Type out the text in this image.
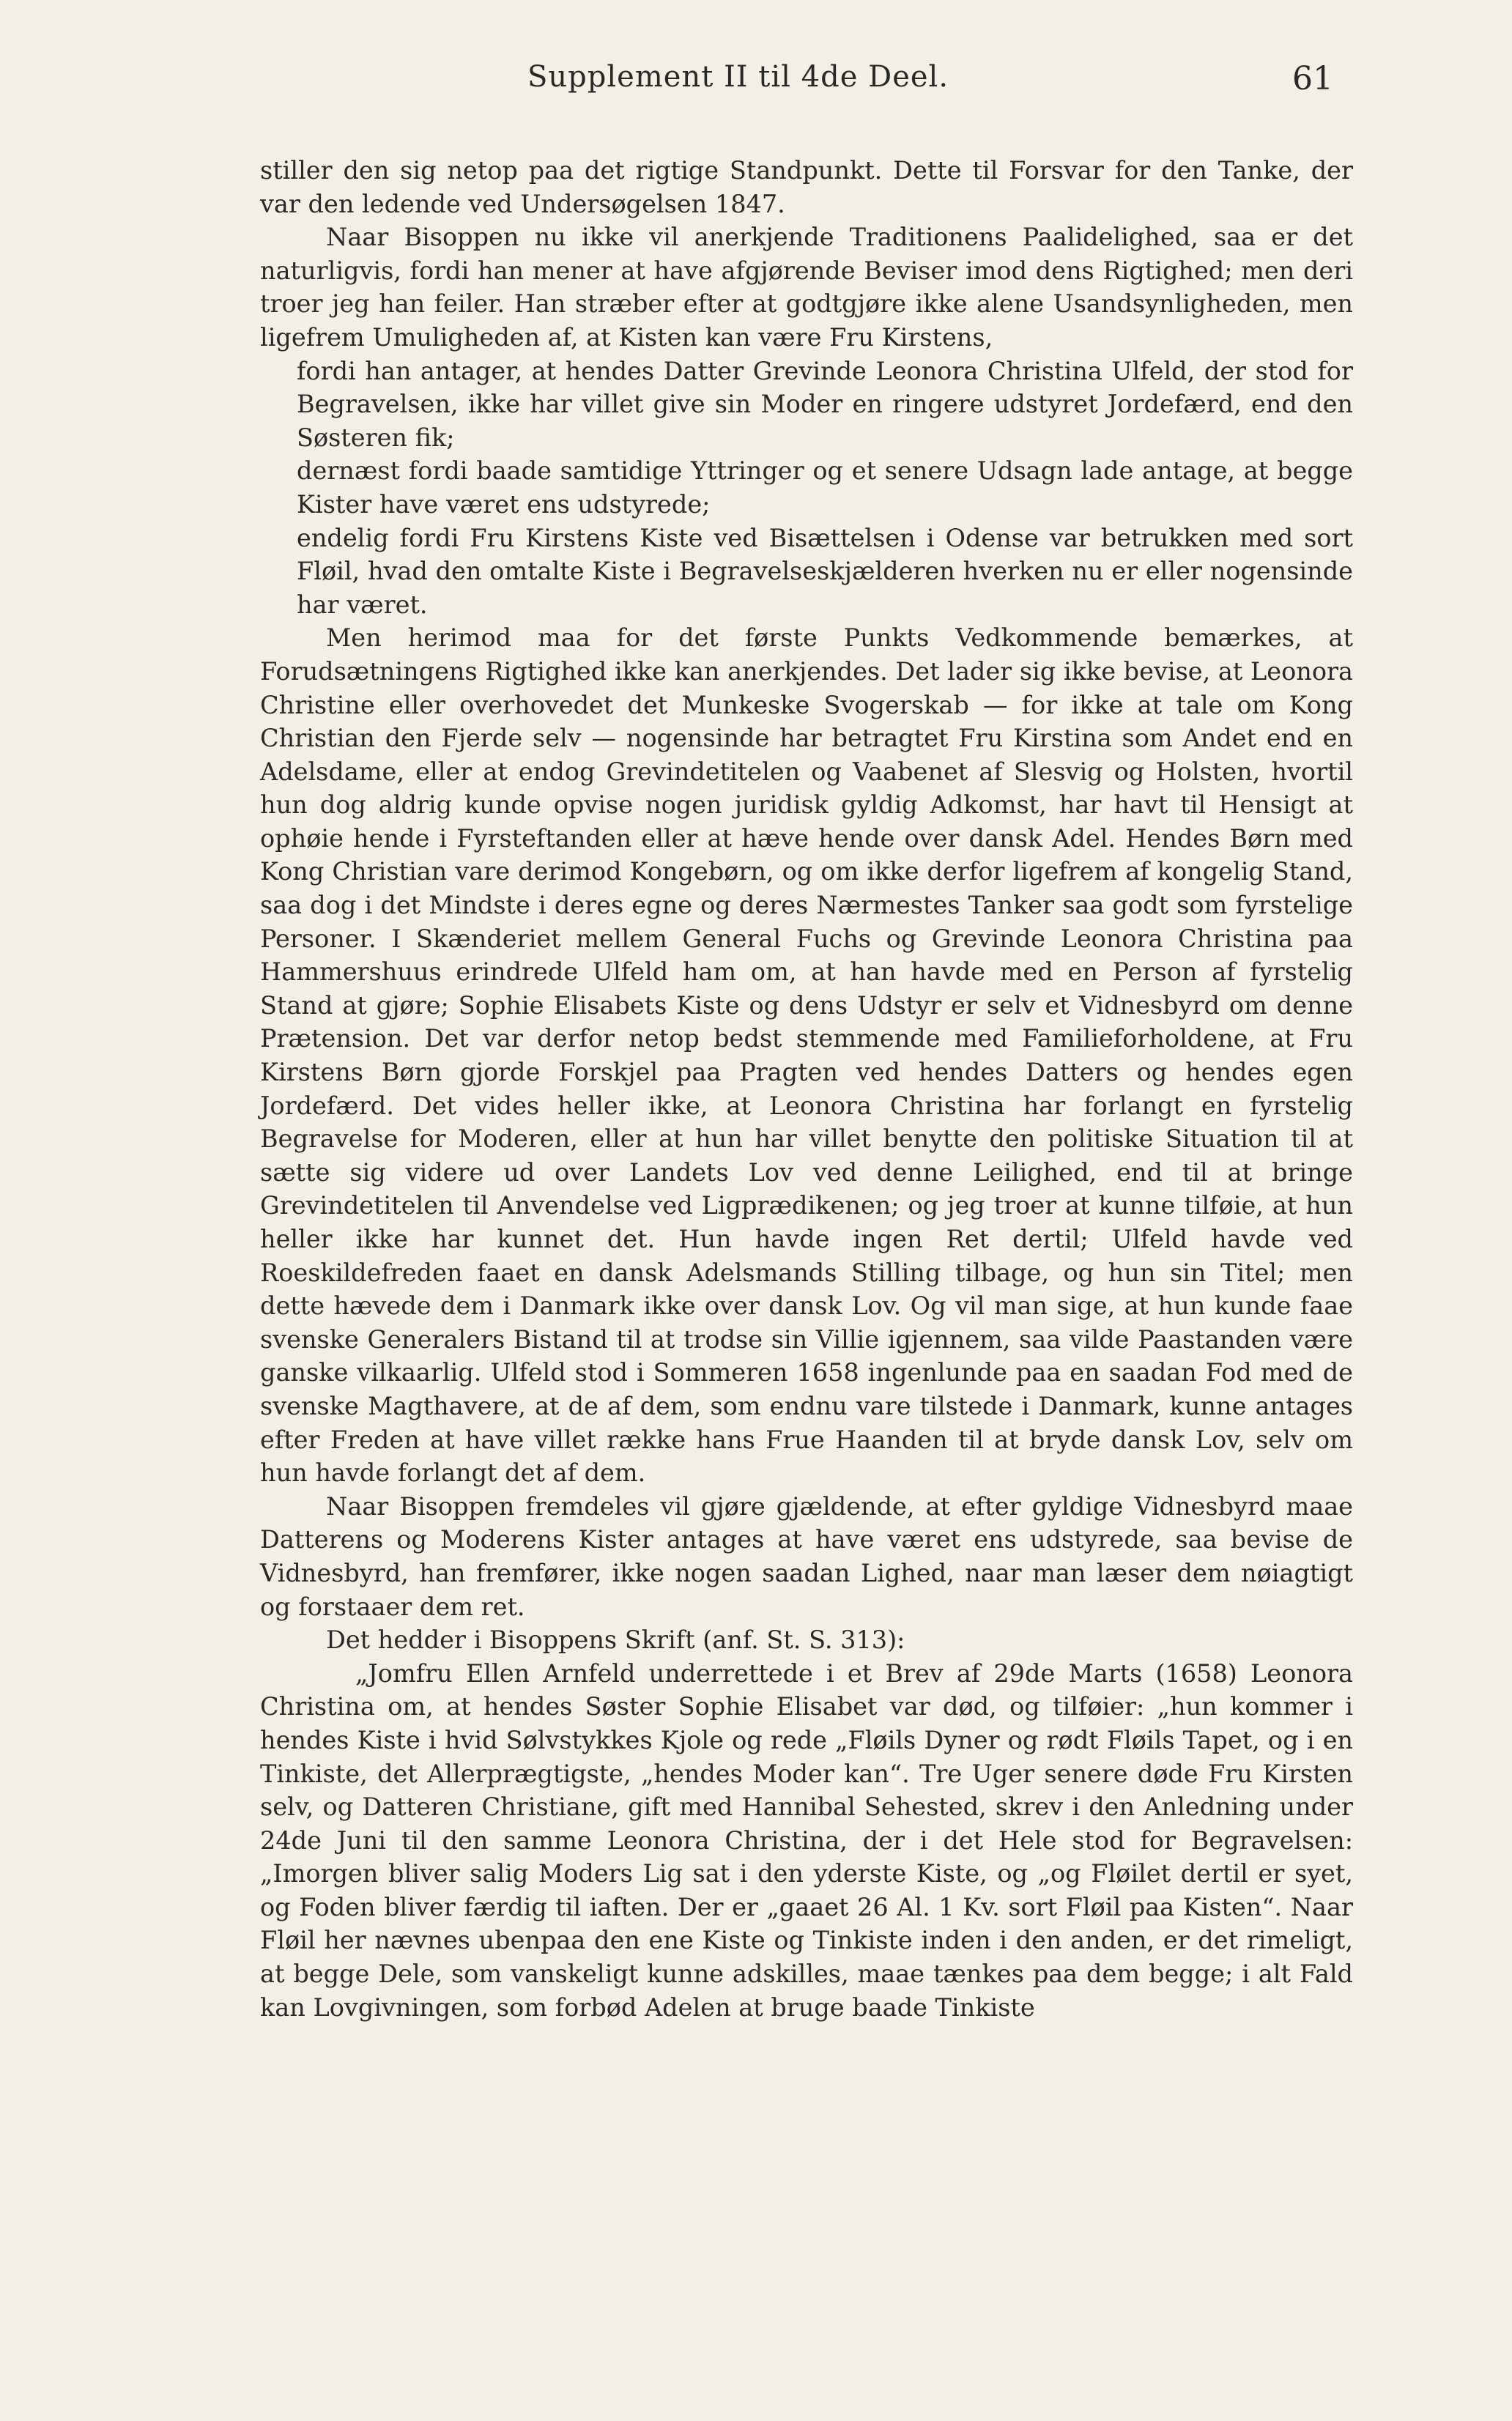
Supplement II til 4de Deel.	61

stiller den sig netop paa det rigtige Standpunkt. Dette til Forsvar for den Tanke, der var den ledende ved Undersøgelsen 1847.

Naar Bisoppen nu ikke vil anerkjende Traditionens Paalidelighed, saa er det naturligvis, fordi han mener at have afgjørende Beviser imod dens Rigtighed; men deri troer jeg han feiler. Han stræber efter at godtgjøre ikke alene Usandsynligheden, men ligefrem Umuligheden af, at Kisten kan være Fru Kirstens,

fordi han antager, at hendes Datter Grevinde Leonora Christina Ulfeld, der stod for Begravelsen, ikke har villet give sin Moder en ringere udstyret Jordefærd, end den Søsteren fik;

dernæst fordi baade samtidige Yttringer og et senere Udsagn lade antage, at begge Kister have været ens udstyrede;

endelig fordi Fru Kirstens Kiste ved Bisættelsen i Odense var betrukken med sort Fløil, hvad den omtalte Kiste i Begravelseskjælderen hverken nu er eller nogensinde har været.

Men herimod maa for det første Punkts Vedkommende bemærkes, at Forudsætningens Rigtighed ikke kan anerkjendes. Det lader sig ikke bevise, at Leonora Christine eller overhovedet det Munkeske Svogerskab — for ikke at tale om Kong Christian den Fjerde selv — nogensinde har betragtet Fru Kirstina som Andet end en Adelsdame, eller at endog Grevindetitelen og Vaabenet af Slesvig og Holsten, hvortil hun dog aldrig kunde opvise nogen juridisk gyldig Adkomst, har havt til Hensigt at ophøie hende i Fyrsteftanden eller at hæve hende over dansk Adel. Hendes Børn med Kong Christian vare derimod Kongebørn, og om ikke derfor ligefrem af kongelig Stand, saa dog i det Mindste i deres egne og deres Nærmestes Tanker saa godt som fyrstelige Personer. I Skænderiet mellem General Fuchs og Grevinde Leonora Christina paa Hammershuus erindrede Ulfeld ham om, at han havde med en Person af fyrstelig Stand at gjøre; Sophie Elisabets Kiste og dens Udstyr er selv et Vidnesbyrd om denne Prætension. Det var derfor netop bedst stemmende med Familieforholdene, at Fru Kirstens Børn gjorde Forskjel paa Pragten ved hendes Datters og hendes egen Jordefærd. Det vides heller ikke, at Leonora Christina har forlangt en fyrstelig Begravelse for Moderen, eller at hun har villet benytte den politiske Situation til at sætte sig videre ud over Landets Lov ved denne Leilighed, end til at bringe Grevindetitelen til Anvendelse ved Ligprædikenen; og jeg troer at kunne tilføie, at hun heller ikke har kunnet det. Hun havde ingen Ret dertil; Ulfeld havde ved Roeskildefreden faaet en dansk Adelsmands Stilling tilbage, og hun sin Titel; men dette hævede dem i Danmark ikke over dansk Lov. Og vil man sige, at hun kunde faae svenske Generalers Bistand til at trodse sin Villie igjennem, saa vilde Paastanden være ganske vilkaarlig. Ulfeld stod i Sommeren 1658 ingenlunde paa en saadan Fod med de svenske Magthavere, at de af dem, som endnu vare tilstede i Danmark, kunne antages efter Freden at have villet række hans Frue Haanden til at bryde dansk Lov, selv om hun havde forlangt det af dem.

Naar Bisoppen fremdeles vil gjøre gjældende, at efter gyldige Vidnesbyrd maae Datterens og Moderens Kister antages at have været ens udstyrede, saa bevise de Vidnesbyrd, han fremfører, ikke nogen saadan Lighed, naar man læser dem nøiagtigt og forstaaer dem ret.

Det hedder i Bisoppens Skrift (anf. St. S. 313):

„Jomfru Ellen Arnfeld underrettede i et Brev af 29de Marts (1658) Leonora Christina om, at hendes Søster Sophie Elisabet var død, og tilføier: „hun kommer i hendes Kiste i hvid Sølvstykkes Kjole og rede „Fløils Dyner og rødt Fløils Tapet, og i en Tinkiste, det Allerprægtigste, „hendes Moder kan“. Tre Uger senere døde Fru Kirsten selv, og Datteren Christiane, gift med Hannibal Sehested, skrev i den Anledning under 24de Juni til den samme Leonora Christina, der i det Hele stod for Begravelsen: „Imorgen bliver salig Moders Lig sat i den yderste Kiste, og „og Fløilet dertil er syet, og Foden bliver færdig til iaften. Der er „gaaet 26 Al. 1 Kv. sort Fløil paa Kisten“. Naar Fløil her nævnes ubenpaa den ene Kiste og Tinkiste inden i den anden, er det rimeligt, at begge Dele, som vanskeligt kunne adskilles, maae tænkes paa dem begge; i alt Fald kan Lovgivningen, som forbød Adelen at bruge baade Tinkiste
